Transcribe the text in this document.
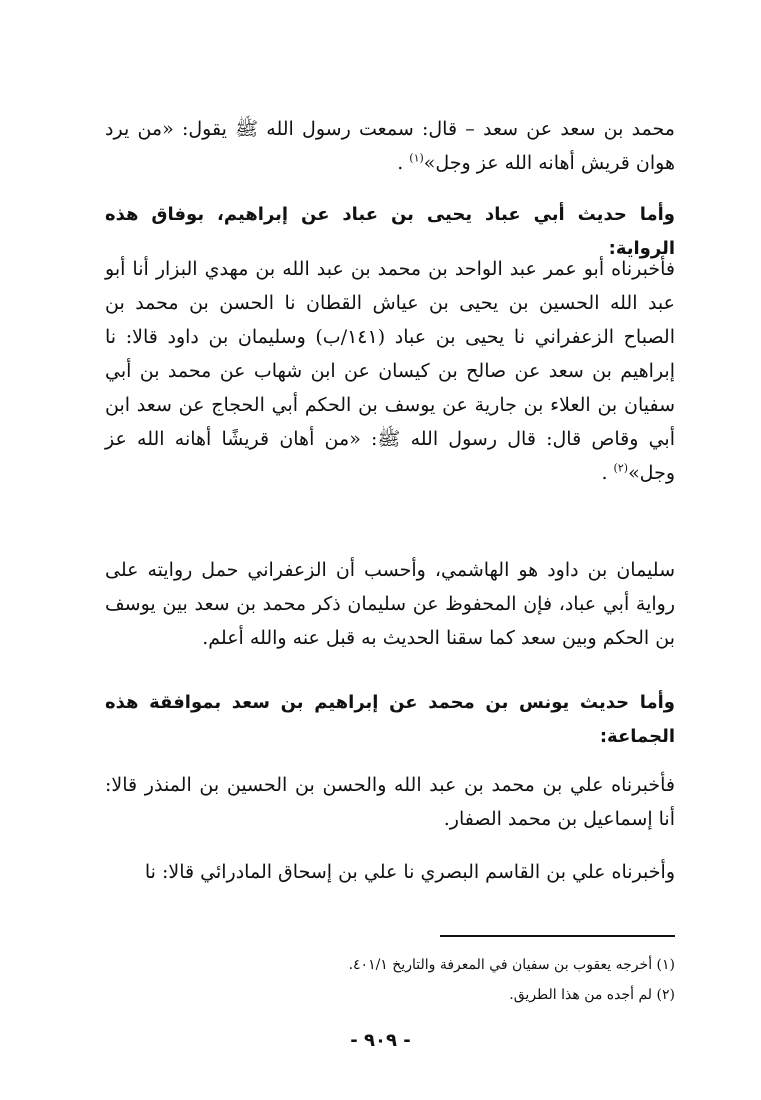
محمد بن سعد عن سعد – قال: سمعت رسول الله ﷺ يقول: «من يرد هوان قريش أهانه الله عز وجل»$^{(١)}$ .
وأما حديث أبي عباد يحيى بن عباد عن إبراهيم، بوفاق هذه الرواية:
فأخبرناه أبو عمر عبد الواحد بن محمد بن عبد الله بن مهدي البزار أنا أبو عبد الله الحسين بن يحيى بن عياش القطان نا الحسن بن محمد بن الصباح الزعفراني نا يحيى بن عباد (١٤١/ب) وسليمان بن داود قالا: نا إبراهيم بن سعد عن صالح بن كيسان عن ابن شهاب عن محمد بن أبي سفيان بن العلاء بن جارية عن يوسف بن الحكم أبي الحجاج عن سعد ابن أبي وقاص قال: قال رسول الله ﷺ: «من أهان قريشًا أهانه الله عز وجل»$^{(٢)}$ .
سليمان بن داود هو الهاشمي، وأحسب أن الزعفراني حمل روايته على رواية أبي عباد، فإن المحفوظ عن سليمان ذكر محمد بن سعد بين يوسف بن الحكم وبين سعد كما سقنا الحديث به قبل عنه والله أعلم.
وأما حديث يونس بن محمد عن إبراهيم بن سعد بموافقة هذه الجماعة:
فأخبرناه علي بن محمد بن عبد الله والحسن بن الحسين بن المنذر قالا: أنا إسماعيل بن محمد الصفار.
وأخبرناه علي بن القاسم البصري نا علي بن إسحاق المادرائي قالا: نا
(١) أخرجه يعقوب بن سفيان في المعرفة والتاريخ ٤٠١/١.
(٢) لم أجده من هذا الطريق.
- ٩٠٩ -
